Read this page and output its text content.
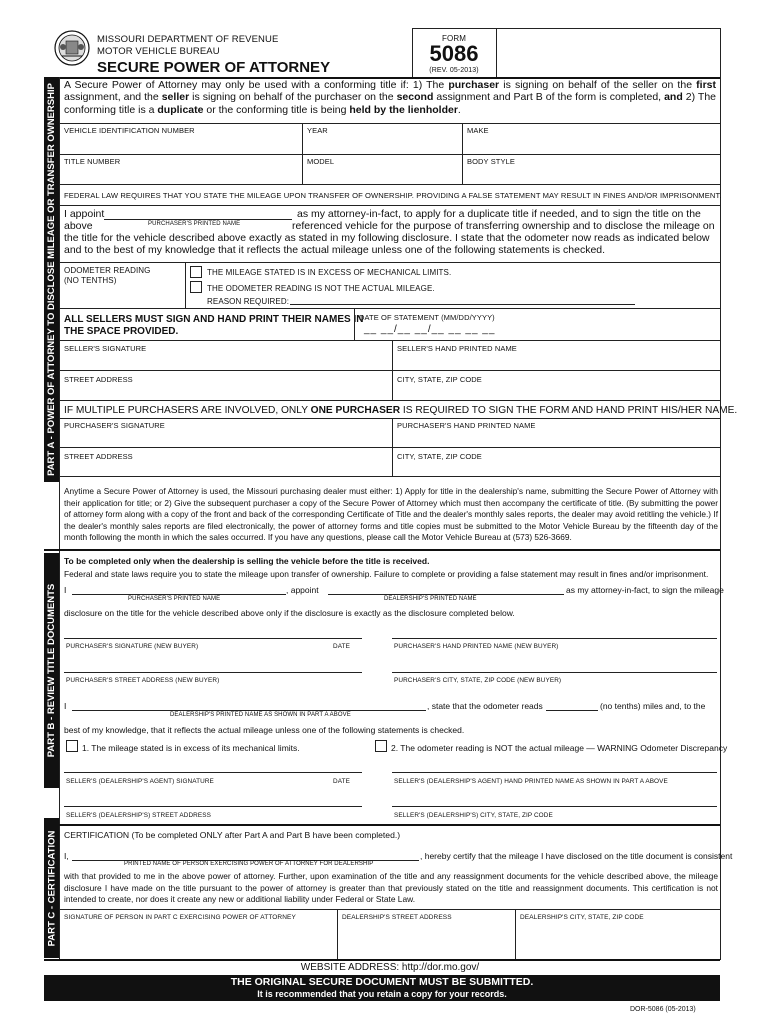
MISSOURI DEPARTMENT OF REVENUE
MOTOR VEHICLE BUREAU
SECURE POWER OF ATTORNEY
FORM
5086
(REV. 05-2013)
PART A - POWER OF ATTORNEY TO DISCLOSE MILEAGE OR TRANSFER OWNERSHIP
PART B - REVIEW TITLE DOCUMENTS
PART C - CERTIFICATION
A Secure Power of Attorney may only be used with a conforming title if: 1) The purchaser is signing on behalf of the seller on the first assignment, and the seller is signing on behalf of the purchaser on the second assignment and Part B of the form is completed, and 2) The conforming title is a duplicate or the conforming title is being held by the lienholder.
VEHICLE IDENTIFICATION NUMBER	YEAR	MAKE
TITLE NUMBER	MODEL	BODY STYLE
FEDERAL LAW REQUIRES THAT YOU STATE THE MILEAGE UPON TRANSFER OF OWNERSHIP. PROVIDING A FALSE STATEMENT MAY RESULT IN FINES AND/OR IMPRISONMENT.
I appoint	as my attorney-in-fact, to apply for a duplicate title if needed, and to sign the title on the
above	PURCHASER'S PRINTED NAME	referenced vehicle for the purpose of transferring ownership and to disclose the mileage on
the title for the vehicle described above exactly as stated in my following disclosure. I state that the odometer now reads as indicated below
and to the best of my knowledge that it reflects the actual mileage unless one of the following statements is checked.
ODOMETER READING
(NO TENTHS)
THE MILEAGE STATED IS IN EXCESS OF MECHANICAL LIMITS.
THE ODOMETER READING IS NOT THE ACTUAL MILEAGE.
REASON REQUIRED:
ALL SELLERS MUST SIGN AND HAND PRINT THEIR NAMES IN
THE SPACE PROVIDED.
DATE OF STATEMENT (MM/DD/YYYY)
__ __/__ __/__ __ __ __
SELLER'S SIGNATURE	SELLER'S HAND PRINTED NAME
STREET ADDRESS	CITY, STATE, ZIP CODE
IF MULTIPLE PURCHASERS ARE INVOLVED, ONLY ONE PURCHASER IS REQUIRED TO SIGN THE FORM AND HAND PRINT HIS/HER NAME.
PURCHASER'S SIGNATURE	PURCHASER'S HAND PRINTED NAME
STREET ADDRESS	CITY, STATE, ZIP CODE
Anytime a Secure Power of Attorney is used, the Missouri purchasing dealer must either: 1) Apply for title in the dealership's name, submitting the Secure Power of Attorney with their application for title; or 2) Give the subsequent purchaser a copy of the Secure Power of Attorney which must then accompany the certificate of title. (By submitting the power of attorney form along with a copy of the front and back of the corresponding Certificate of Title and the dealer's monthly sales reports, the dealer may avoid retitling the vehicle.) If the dealer's monthly sales reports are filed electronically, the power of attorney forms and title copies must be submitted to the Motor Vehicle Bureau by the fifteenth day of the month following the month in which the sales occurred. If you have any questions, please call the Motor Vehicle Bureau at (573) 526-3669.
To be completed only when the dealership is selling the vehicle before the title is received.
Federal and state laws require you to state the mileage upon transfer of ownership. Failure to complete or providing a false statement may result in fines and/or imprisonment.
I	, appoint	as my attorney-in-fact, to sign the mileage
PURCHASER'S PRINTED NAME	DEALERSHIP'S PRINTED NAME
disclosure on the title for the vehicle described above only if the disclosure is exactly as the disclosure completed below.
PURCHASER'S SIGNATURE (NEW BUYER)	DATE	PURCHASER'S HAND PRINTED NAME (NEW BUYER)
PURCHASER'S STREET ADDRESS (NEW BUYER)	PURCHASER'S CITY, STATE, ZIP CODE (NEW BUYER)
I	, state that the odometer reads	(no tenths) miles and, to the
DEALERSHIP'S PRINTED NAME AS SHOWN IN PART A ABOVE
best of my knowledge, that it reflects the actual mileage unless one of the following statements is checked.
1. The mileage stated is in excess of its mechanical limits.	2. The odometer reading is NOT the actual mileage — WARNING Odometer Discrepancy
SELLER'S (DEALERSHIP'S AGENT) SIGNATURE	DATE	SELLER'S (DEALERSHIP'S AGENT) HAND PRINTED NAME AS SHOWN IN PART A ABOVE
SELLER'S (DEALERSHIP'S) STREET ADDRESS	SELLER'S (DEALERSHIP'S) CITY, STATE, ZIP CODE
CERTIFICATION (To be completed ONLY after Part A and Part B have been completed.)
I,	, hereby certify that the mileage I have disclosed on the title document is consistent
PRINTED NAME OF PERSON EXERCISING POWER OF ATTORNEY FOR DEALERSHIP
with that provided to me in the above power of attorney. Further, upon examination of the title and any reassignment documents for the vehicle described above, the mileage disclosure I have made on the title pursuant to the power of attorney is greater than that previously stated on the title and reassignment documents. This certification is not intended to create, nor does it create any new or additional liability under Federal or State Law.
SIGNATURE OF PERSON IN PART C EXERCISING POWER OF ATTORNEY	DEALERSHIP'S STREET ADDRESS	DEALERSHIP'S CITY, STATE, ZIP CODE
WEBSITE ADDRESS: http://dor.mo.gov/
THE ORIGINAL SECURE DOCUMENT MUST BE SUBMITTED.
It is recommended that you retain a copy for your records.
DOR-5086 (05-2013)
